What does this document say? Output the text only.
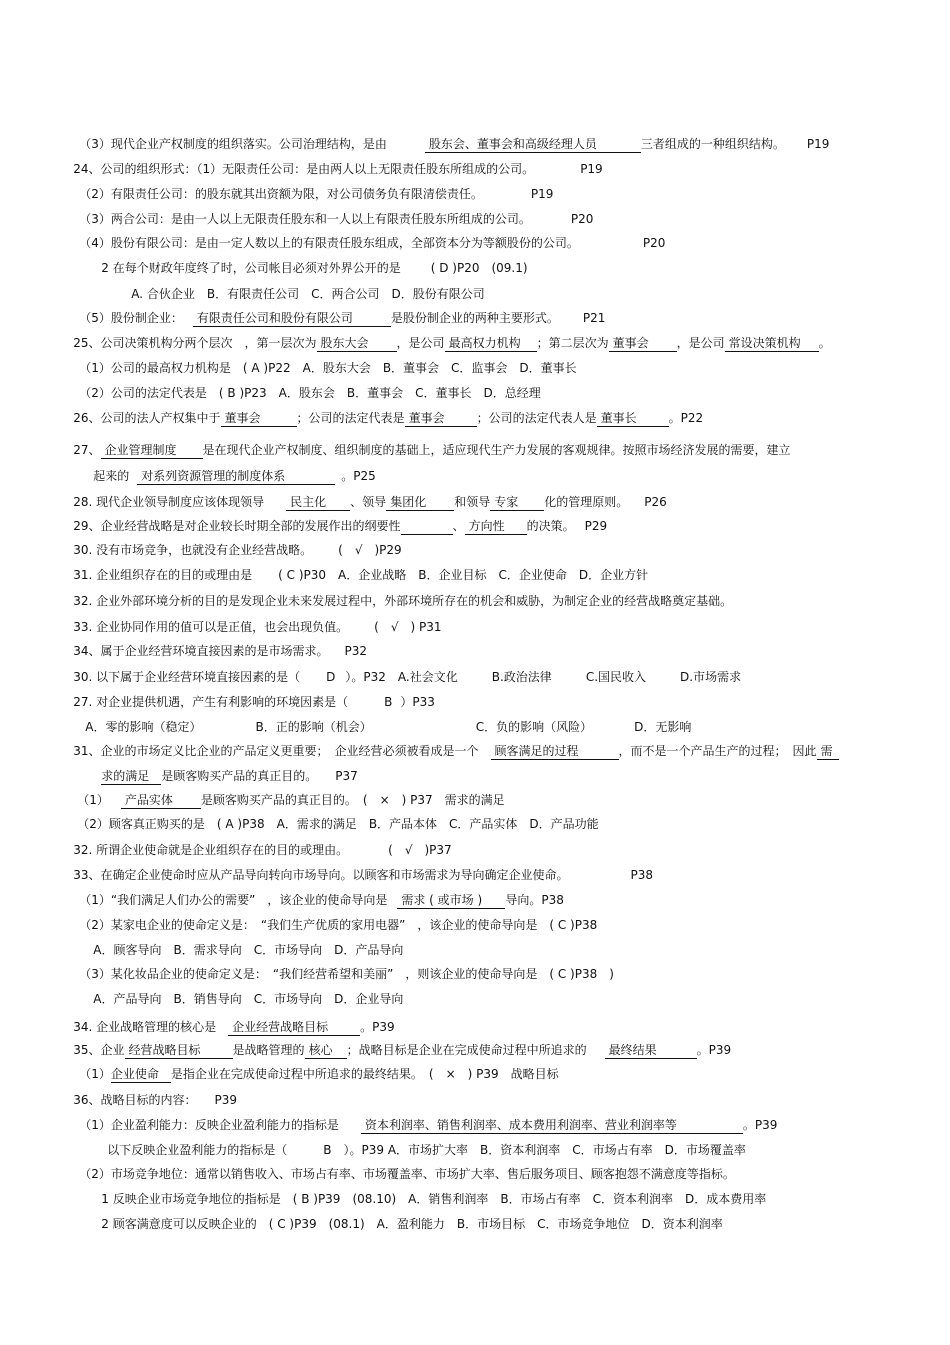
（3）现代企业产权制度的组织落实。公司治理结构，是由	股东会、董事会和高级经理人员	三者组成的一种组织结构。 P19

24、公司的组织形式：（1）无限责任公司：是由两人以上无限责任股东所组成的公司。	P19

（2）有限责任公司：的股东就其出资额为限，对公司债务负有限清偿责任。	P19

（3）两合公司：是由一人以上无限责任股东和一人以上有限责任股东所组成的公司。	P20

（4）股份有限公司：是由一定人数以上的有限责任股东组成，全部资本分为等额股份的公司。	P20

2 在每个财政年度终了时，公司帐目必须对外界公开的是	( D )P20　(09.1)

A. 合伙企业　B．有限责任公司　C．两合公司　D．股份有限公司

（5）股份制企业： 有限责任公司和股份有限公司	是股份制企业的两种主要形式。 P21

25、公司决策机构分两个层次　，第一层次为 股东大会 ，是公司 最高权力机构 ；第二层次为 董事会 ，是公司 常设决策机构 。

（1）公司的最高权力机构是　( A )P22　A．股东大会　B．董事会　C．监事会　D．董事长

（2）公司的法定代表是　( B )P23　A．股东会　B．董事会　C．董事长　D．总经理

26、公司的法人产权集中于 董事会	；公司的法定代表是 董事会	；公司的法定代表人是 董事长	。P22

27、 企业管理制度 是在现代企业产权制度、组织制度的基础上，适应现代生产力发展的客观规律。按照市场经济发展的需要，建立

起来的 对系列资源管理的制度体系	。P25

28. 现代企业领导制度应该体现领导 民主化 、领导 集团化 和领导 专家 化的管理原则。 P26

29、企业经营战略是对企业较长时期全部的发展作出的纲要性	、 方向性 的决策。 P29

30. 没有市场竞争，也就没有企业经营战略。 (　√　)P29

31. 企业组织存在的目的或理由是 ( C )P30　A．企业战略　B．企业目标　C．企业使命　D．企业方针

32. 企业外部环境分析的目的是发现企业未来发展过程中，外部环境所存在的机会和威胁，为制定企业的经营战略奠定基础。

33. 企业协同作用的值可以是正值，也会出现负值。 (　√　) P31

34、属于企业经营环境直接因素的是市场需求。 P32

30. 以下属于企业经营环境直接因素的是（ D ）。P32　A.社会文化	B.政治法律	C.国民收入	D.市场需求

27. 对企业提供机遇，产生有利影响的环境因素是（	B ）P33

A．零的影响（稳定）	B．正的影响（机会）	C．负的影响（风险）	D．无影响

31、企业的市场定义比企业的产品定义更重要；　企业经营必须被看成是一个 顾客满足的过程	，而不是一个产品生产的过程；　因此 需

求的满足 是顾客购买产品的真正目的。 P37

（1） 产品实体 是顾客购买产品的真正目的。　(　×　) P37　需求的满足

（2）顾客真正购买的是　( A )P38　A．需求的满足　B．产品本体　C．产品实体　D．产品功能

32. 所谓企业使命就是企业组织存在的目的或理由。	(　√　)P37

33、在确定企业使命时应从产品导向转向市场导向。以顾客和市场需求为导向确定企业使命。	P38

（1）“我们满足人们办公的需要”　，该企业的使命导向是 需求 ( 或市场 ) 导向。P38

（2）某家电企业的使命定义是：　“我们生产优质的家用电器”　，该企业的使命导向是　( C )P38

A．顾客导向　B．需求导向　C．市场导向　D．产品导向

（3）某化妆品企业的使命定义是：　“我们经营希望和美丽”　，则该企业的使命导向是　( C )P38　)

A．产品导向　B．销售导向　C．市场导向　D．企业导向

34. 企业战略管理的核心是 企业经营战略目标	。P39

35、企业 经营战略目标	是战略管理的 核心 ；战略目标是企业在完成使命过程中所追求的 最终结果	。P39

（1）企业使命 是指企业在完成使命过程中所追求的最终结果。　(　×　) P39　战略目标

36、战略目标的内容： P39

（1）企业盈利能力：反映企业盈利能力的指标是 资本利润率、销售利润率、成本费用利润率、营业利润率等	。P39

以下反映企业盈利能力的指标是（	B ）。P39 A．市场扩大率　B．资本利润率　C．市场占有率　D．市场覆盖率

（2）市场竞争地位：通常以销售收入、市场占有率、市场覆盖率、市场扩大率、售后服务项目、顾客抱怨不满意度等指标。

1 反映企业市场竞争地位的指标是　( B )P39　(08.10)　A．销售利润率　B．市场占有率　C．资本利润率　D．成本费用率

2 顾客满意度可以反映企业的　( C )P39　(08.1)　A．盈利能力　B．市场目标　C．市场竞争地位　D．资本利润率
